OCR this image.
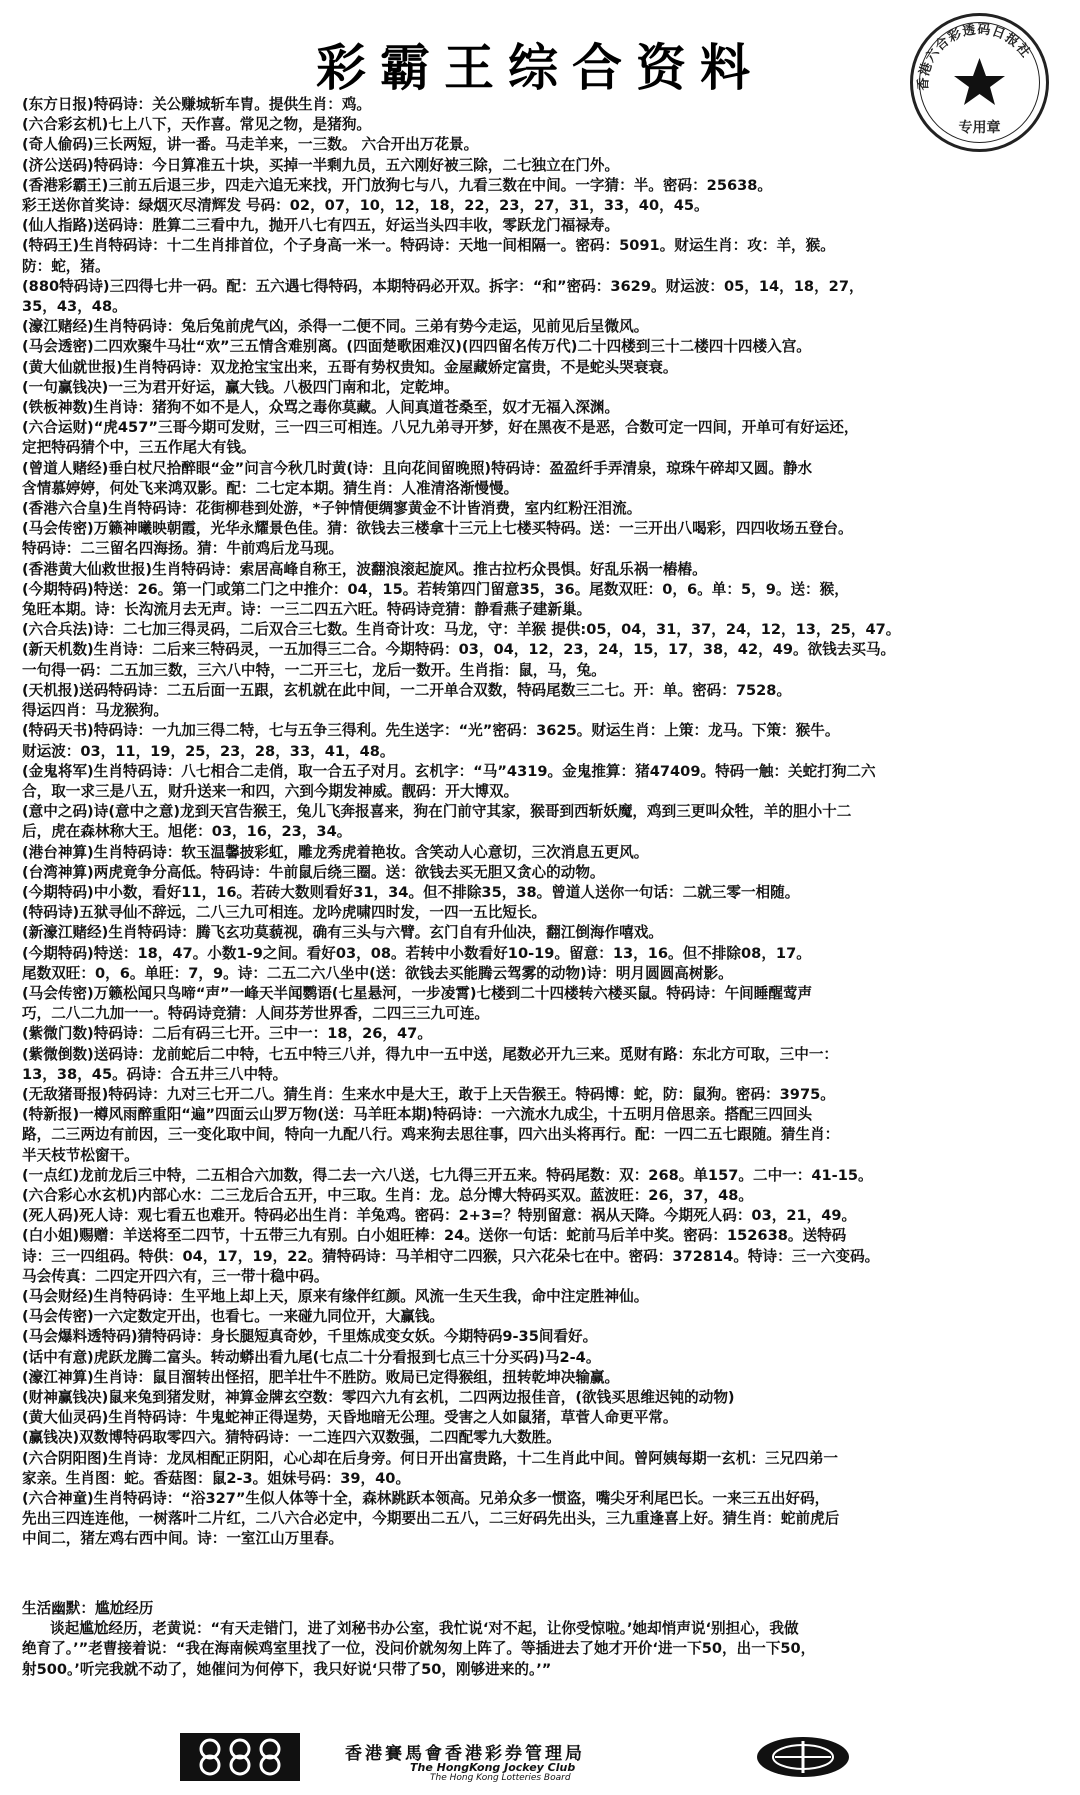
彩霸王综合资料	香港六合彩透码日报社
专用章
(东方日报)特码诗：关公赚城斩车胄。提供生肖：鸡。
(六合彩玄机)七上八下，天作喜。常见之物，是猪狗。
(奇人偷码)三长两短，讲一番。马走羊来，一三数。 六合开出万花景。
(济公送码)特码诗：今日算准五十块，买掉一半剩九员，五六刚好被三除，二七独立在门外。
(香港彩霸王)三前五后退三步，四走六追无来找，开门放狗七与八，九看三数在中间。一字猜：半。密码：25638。
彩王送你首奖诗：绿烟灭尽清辉发 号码：02，07，10，12，18，22，23，27，31，33，40，45。
(仙人指路)送码诗：胜算二三看中九，抛开八七有四五，好运当头四丰收，零跃龙门福禄寿。
(特码王)生肖特码诗：十二生肖排首位，个子身高一米一。特码诗：天地一间相隔一。密码：5091。财运生肖：攻：羊，猴。
防：蛇，猪。
(880特码诗)三四得七井一码。配：五六遇七得特码，本期特码必开双。拆字：“和”密码：3629。财运波：05，14，18，27，
35，43，48。
(濠江赌经)生肖特码诗：兔后兔前虎气凶，杀得一二便不同。三弟有势今走运，见前见后呈微风。
(马会透密)二四欢聚牛马壮“欢”三五情含难别离。(四面楚歌困难汉)(四四留名传万代)二十四楼到三十二楼四十四楼入宫。
(黄大仙就世报)生肖特码诗：双龙抢宝宝出来，五哥有势权贵知。金屋藏娇定富贵，不是蛇头哭衰衰。
(一句赢钱决)一三为君开好运，赢大钱。八极四门南和北，定乾坤。
(铁板神数)生肖诗：猪狗不如不是人，众骂之毒你莫藏。人间真道苍桑至，奴才无福入深渊。
(六合运财)“虎457”三哥今期可发财，三一四三可相连。八兄九弟寻开梦，好在黑夜不是恶，合数可定一四间，开单可有好运还，
定把特码猜个中，三五作尾大有钱。
(曾道人赌经)垂白杖尺拾醉眼“金”问言今秋几时黄(诗：且向花间留晚照)特码诗：盈盈纤手弄清泉，琼珠午碎却又圆。静水
含情慕婷婷，何处飞来鸿双影。配：二七定本期。猜生肖：人准清洛渐慢慢。
(香港六合皇)生肖特码诗：花街柳巷到处游，*子钟情便绸寥黄金不计皆消费，室内红粉汪泪流。
(马会传密)万籁神曦映朝霞，光华永耀景色佳。猜：欲钱去三楼拿十三元上七楼买特码。送：一三开出八喝彩，四四收场五登台。
特码诗：二三留名四海扬。猜：牛前鸡后龙马现。
(香港黄大仙救世报)生肖特码诗：索居高峰自称王，波翻浪滚起旋风。推古拉朽众畏惧。好乱乐祸一樁樁。
(今期特码)特送：26。第一门或第二门之中推介：04，15。若转第四门留意35，36。尾数双旺：0，6。单：5，9。送：猴，
兔旺本期。诗：长沟流月去无声。诗：一三二四五六旺。特码诗竞猜：静看燕子建新巢。
(六合兵法)诗：二七加三得灵码，二后双合三七数。生肖奇计攻：马龙，守：羊猴 提供:05，04，31，37，24，12，13，25，47。
(新天机数)生肖诗：二后来三特码灵，一五加得三二合。今期特码：03，04，12，23，24，15，17，38，42，49。欲钱去买马。
一句得一码：二五加三数，三六八中特，一二开三七，龙后一数开。生肖指：鼠，马，兔。
(天机报)送码特码诗：二五后面一五跟，玄机就在此中间，一二开单合双数，特码尾数三二七。开：单。密码：7528。
得运四肖：马龙猴狗。
(特码天书)特码诗：一九加三得二特，七与五争三得利。先生送字：“光”密码：3625。财运生肖：上策：龙马。下策：猴牛。
财运波：03，11，19，25，23，28，33，41，48。
(金鬼将军)生肖特码诗：八七相合二走俏，取一合五子对月。玄机字：“马”4319。金鬼推算：猪47409。特码一触：关蛇打狗二六
合，取一求三是八五，财升送来一和四，六到今期发神威。靓码：开大博双。
(意中之码)诗(意中之意)龙到天宫告猴王，兔儿飞奔报喜来，狗在门前守其家，猴哥到西斩妖魔，鸡到三更叫众牲，羊的胆小十二
后，虎在森林称大王。旭佬：03，16，23，34。
(港台神算)生肖特码诗：软玉温馨披彩虹，雕龙秀虎着艳妆。含笑动人心意切，三次消息五更风。
(台湾神算)两虎竟争分高低。特码诗：牛前鼠后绕三圈。送：欲钱去买无胆又贪心的动物。
(今期特码)中小数，看好11，16。若砖大数则看好31，34。但不排除35，38。曾道人送你一句话：二就三零一相随。
(特码诗)五狱寻仙不辞远，二八三九可相连。龙吟虎啸四时发，一四一五比短长。
(新濠江赌经)生肖特码诗：腾飞玄功莫藐视，确有三头与六臂。玄门自有升仙决，翻江倒海作嘻戏。
(今期特码)特送：18，47。小数1-9之间。看好03，08。若转中小数看好10-19。留意：13，16。但不排除08，17。
尾数双旺：0，6。单旺：7，9。诗：二五二六八坐中(送：欲钱去买能腾云驾雾的动物)诗：明月圆圆高树影。
(马会传密)万籁松闻只鸟啼“声”一峰天半闻鹦语(七星悬河，一步凌霄)七楼到二十四楼转六楼买鼠。特码诗：午间睡醒莺声
巧，二八二九加一一。特码诗竞猜：人间芬芳世界香，二四三三九可连。
(紫微门数)特码诗：二后有码三七开。三中一：18，26，47。
(紫微倒数)送码诗：龙前蛇后二中特，七五中特三八并，得九中一五中送，尾数必开九三来。觅财有路：东北方可取，三中一：
13，38，45。码诗：合五井三八中特。
(无敌猪哥报)特码诗：九对三七开二八。猜生肖：生来水中是大王，敢于上天告猴王。特码博：蛇，防：鼠狗。密码：3975。
(特新报)一樽风雨醉重阳“遍”四面云山罗万物(送：马羊旺本期)特码诗：一六流水九成尘，十五明月倍思亲。搭配三四回头
路，二三两边有前因，三一变化取中间，特向一九配八行。鸡来狗去思往事，四六出头将再行。配：一四二五七跟随。猜生肖：
半天枝节松窗干。
(一点红)龙前龙后三中特，二五相合六加数，得二去一六八送，七九得三开五来。特码尾数：双：268。单157。二中一：41-15。
(六合彩心水玄机)内部心水：二三龙后合五开，中三取。生肖：龙。总分博大特码买双。蓝波旺：26，37，48。
(死人码)死人诗：观七看五也难开。特码必出生肖：羊兔鸡。密码：2+3=？特别留意：祸从天降。今期死人码：03，21，49。
(白小姐)赐赠：羊送将至二四节，十五带三九有别。白小姐旺棒：24。送你一句话：蛇前马后羊中奖。密码：152638。送特码
诗：三一四组码。特供：04，17，19，22。猜特码诗：马羊相守二四猴，只六花朵七在中。密码：372814。特诗：三一六变码。
马会传真：二四定开四六有，三一带十稳中码。
(马会财经)生肖特码诗：生平地上却上天，原来有缘伴红颜。风流一生天生我，命中注定胜神仙。
(马会传密)一六定数定开出，也看七。一来碰九同位开，大赢钱。
(马会爆料透特码)猜特码诗：身长腿短真奇妙，千里炼成变女妖。今期特码9-35间看好。
(话中有意)虎跃龙腾二富头。转动蟒出看九尾(七点二十分看报到七点三十分买码)马2-4。
(濠江神算)生肖诗：鼠目溜转出怪招，肥羊壮牛不胜防。败局已定得猴组，扭转乾坤决输赢。
(财神赢钱决)鼠来兔到猪发财，神算金牌玄空数：零四六九有玄机，二四两边报佳音，(欲钱买思维迟钝的动物)
(黄大仙灵码)生肖特码诗：牛鬼蛇神正得逞势，天昏地暗无公理。受害之人如鼠猪，草菅人命更平常。
(赢钱决)双数博特码取零四六。猜特码诗：一二连四六双数强，二四配零九大数胜。
(六合阴阳图)生肖诗：龙凤相配正阴阳，心心却在后身旁。何日开出富贵路，十二生肖此中间。曾阿姨每期一玄机：三兄四弟一
家亲。生肖图：蛇。香菇图：鼠2-3。姐妹号码：39，40。
(六合神童)生肖特码诗：“浴327”生似人体等十全，森林跳跃本领高。兄弟众多一惯盗，嘴尖牙利尾巴长。一来三五出好码，
先出三四连连他，一树落叶二片红，二八六合必定中，今期要出二五八，二三好码先出头，三九重逢喜上好。猜生肖：蛇前虎后
中间二，猪左鸡右西中间。诗：一室江山万里春。
生活幽默：尴尬经历
谈起尴尬经历，老黄说：“有天走错门，进了刘秘书办公室，我忙说‘对不起，让你受惊啦。’她却悄声说‘别担心，我做
绝育了。’”老曹接着说：“我在海南候鸡室里找了一位，没问价就匆匆上阵了。等插进去了她才开价‘进一下50，出一下50，
射500。’听完我就不动了，她催问为何停下，我只好说‘只带了50，刚够进来的。’”
香港賽馬會香港彩券管理局
The HongKong Jockey Club
The Hong Kong Lotteries Board
